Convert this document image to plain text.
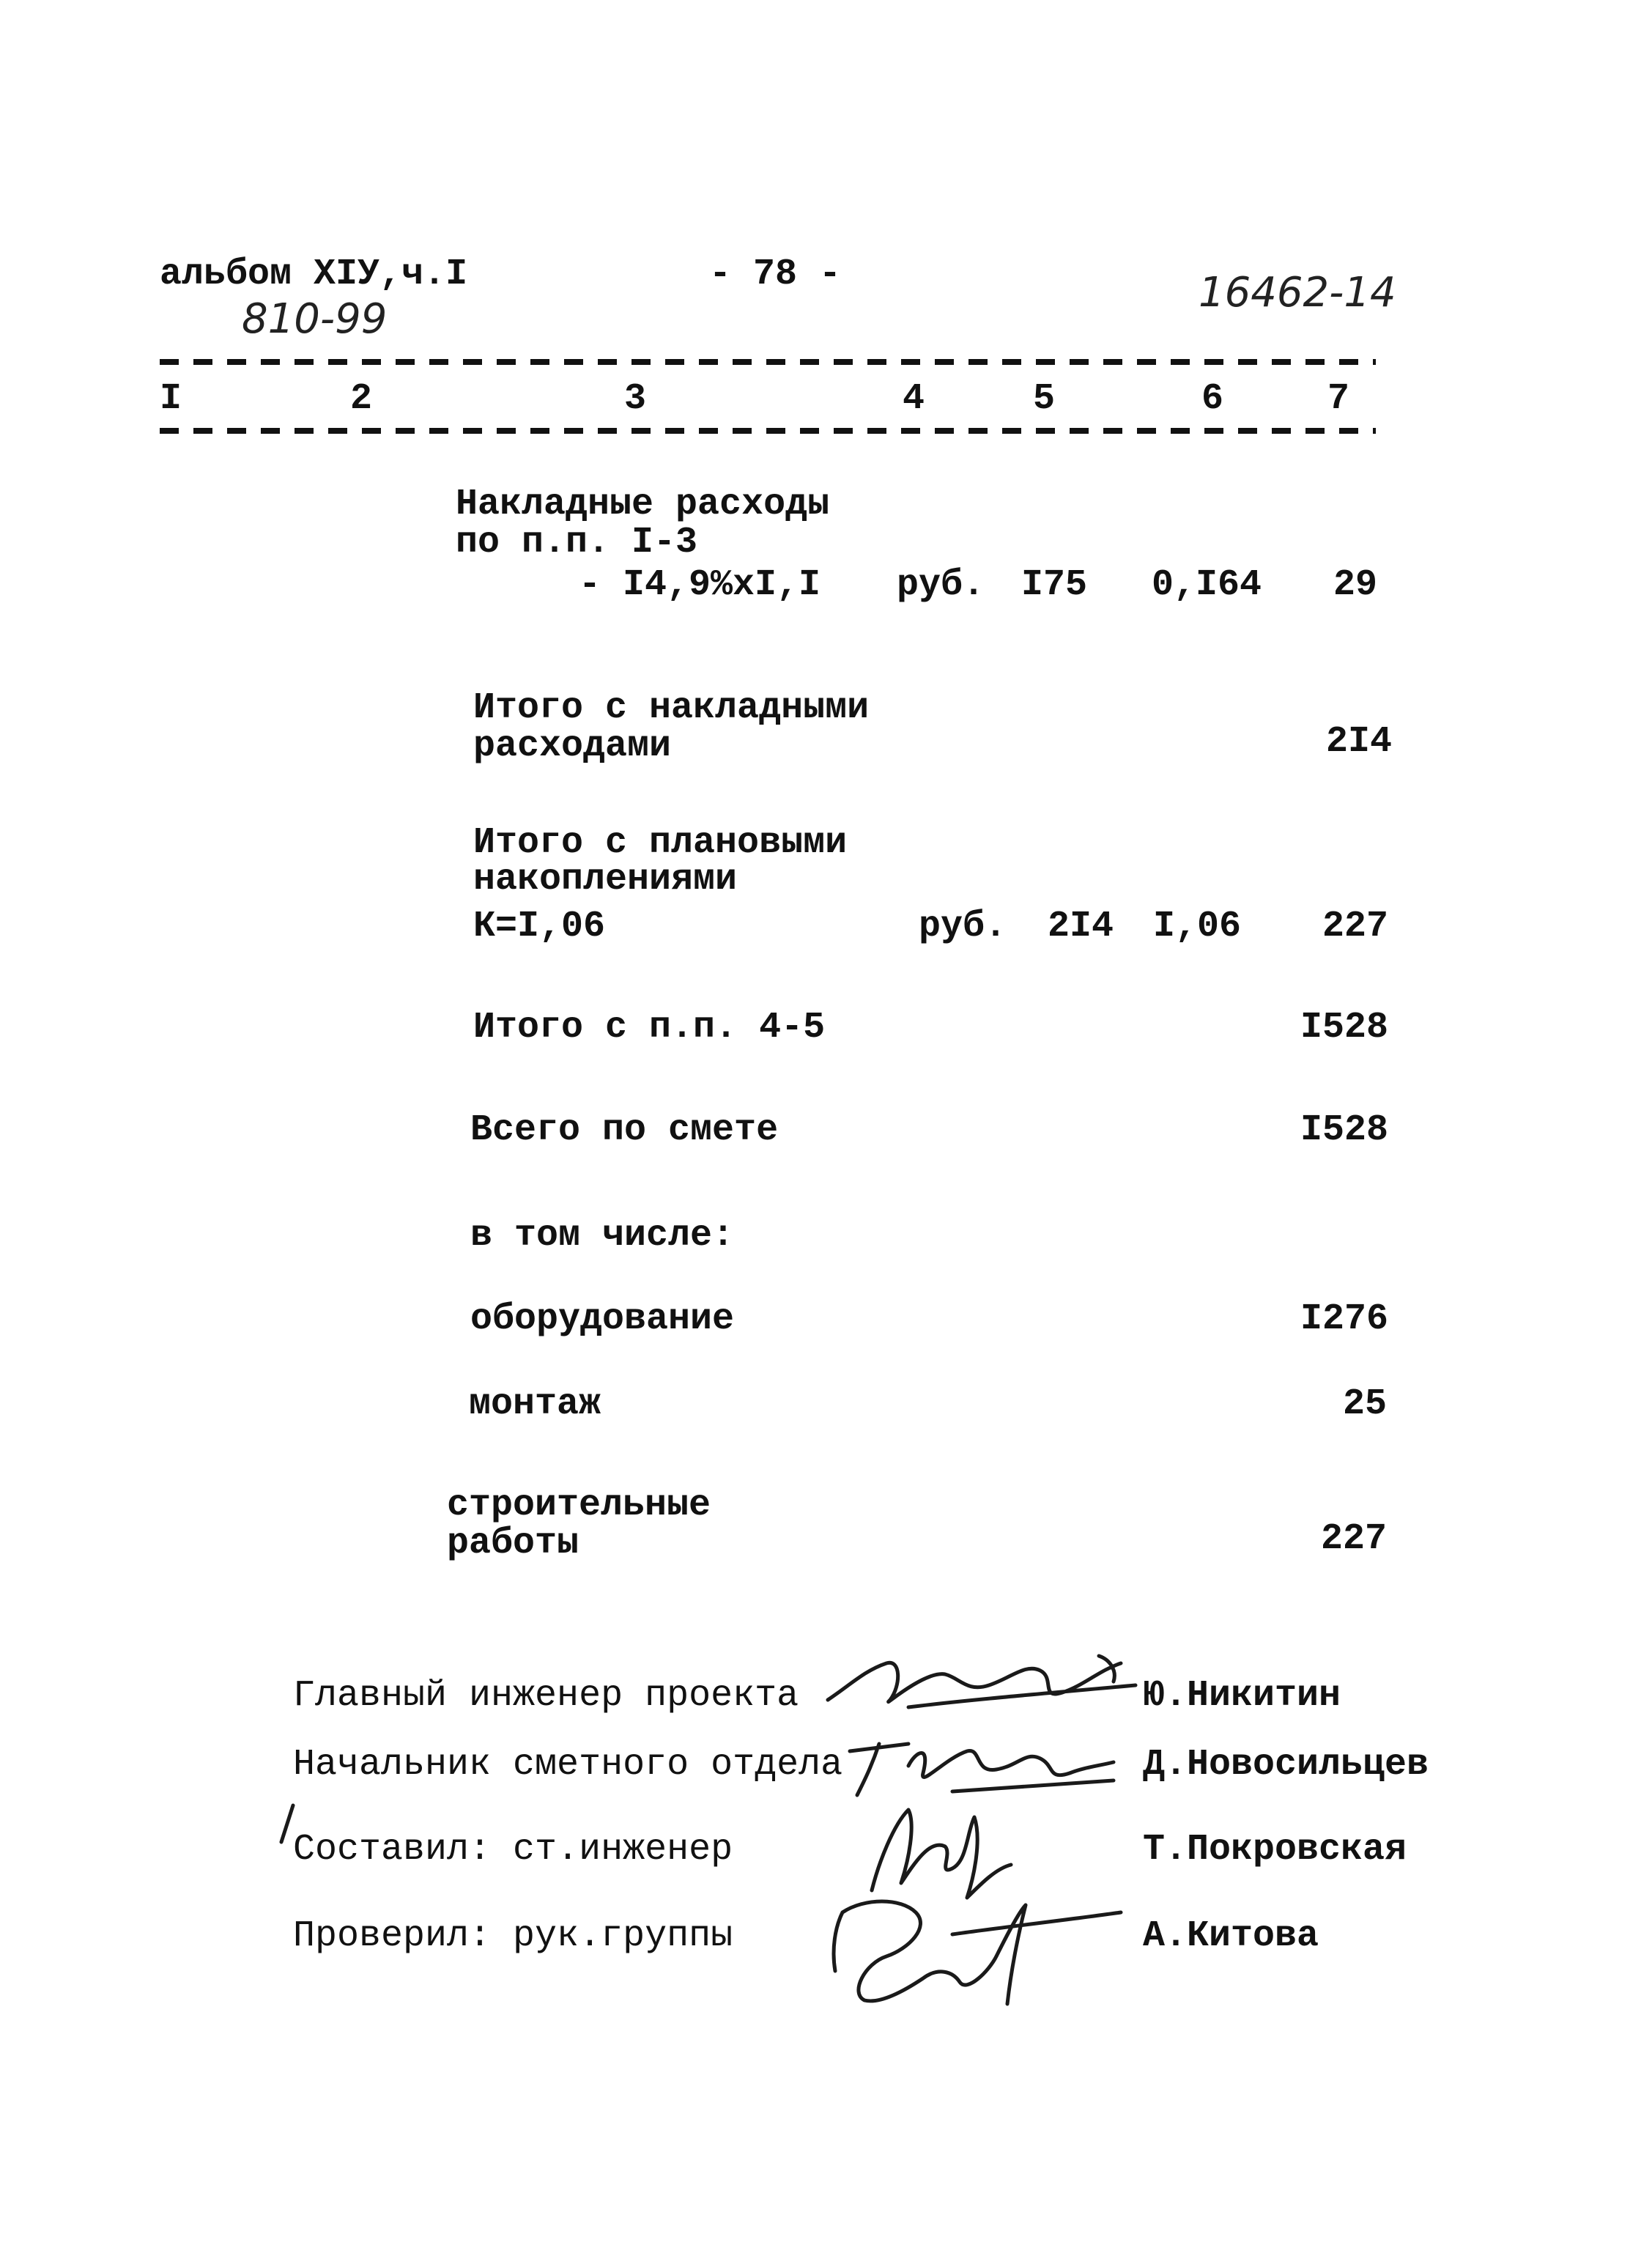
альбом XIУ,ч.I	- 78 -
810-99
16462-14
I	2	3	4	5	6	7
Накладные расходы
по п.п. I-3
- I4,9%xI,I руб. I75 0,I64 29
Итого с накладными
расходами	2I4
Итого с плановыми
накоплениями
К=I,06	руб. 2I4 I,06 227
Итого с п.п. 4-5	I528
Всего по смете	I528
в том числе:
оборудование	I276
монтаж	25
строительные
работы	227
Главный инженер проекта	Ю.Никитин
Начальник сметного отдела	Д.Новосильцев
Составил: ст.инженер	Т.Покровская
Проверил: рук.группы	А.Китова
